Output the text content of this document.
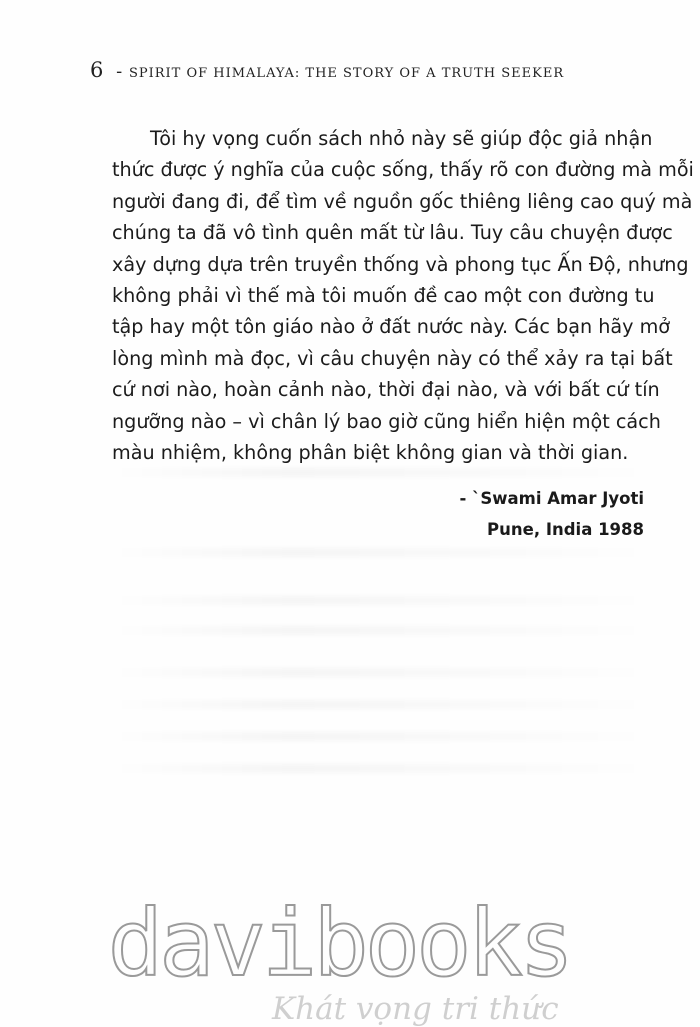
6 - SPIRIT OF HIMALAYA: THE STORY OF A TRUTH SEEKER
Tôi hy vọng cuốn sách nhỏ này sẽ giúp độc giả nhận
thức được ý nghĩa của cuộc sống, thấy rõ con đường mà mỗi
người đang đi, để tìm về nguồn gốc thiêng liêng cao quý mà
chúng ta đã vô tình quên mất từ lâu. Tuy câu chuyện được
xây dựng dựa trên truyền thống và phong tục Ấn Độ, nhưng
không phải vì thế mà tôi muốn đề cao một con đường tu
tập hay một tôn giáo nào ở đất nước này. Các bạn hãy mở
lòng mình mà đọc, vì câu chuyện này có thể xảy ra tại bất
cứ nơi nào, hoàn cảnh nào, thời đại nào, và với bất cứ tín
ngưỡng nào – vì chân lý bao giờ cũng hiển hiện một cách
màu nhiệm, không phân biệt không gian và thời gian.
- `Swami Amar Jyoti
Pune, India 1988
davibooks
Khát vọng tri thức
